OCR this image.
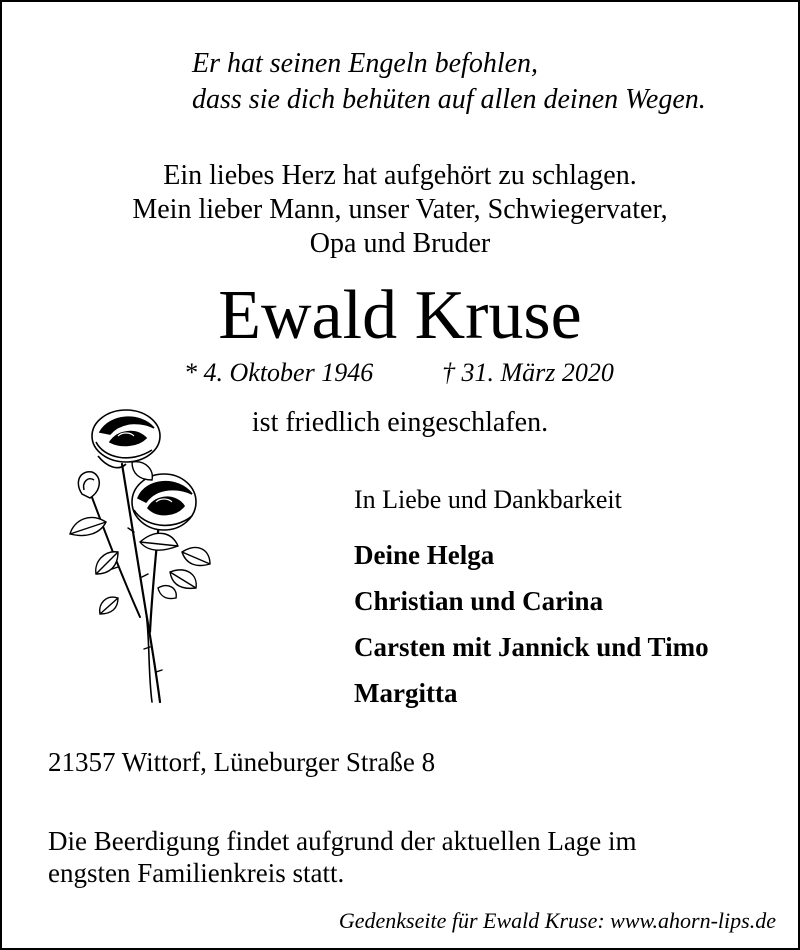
Er hat seinen Engeln befohlen,
dass sie dich behüten auf allen deinen Wegen.
Ein liebes Herz hat aufgehört zu schlagen.
Mein lieber Mann, unser Vater, Schwiegervater,
Opa und Bruder
Ewald Kruse
* 4. Oktober 1946	† 31. März 2020
ist friedlich eingeschlafen.
In Liebe und Dankbarkeit
Deine Helga
Christian und Carina
Carsten mit Jannick und Timo
Margitta
21357 Wittorf, Lüneburger Straße 8
Die Beerdigung findet aufgrund der aktuellen Lage im
engsten Familienkreis statt.
Gedenkseite für Ewald Kruse: www.ahorn-lips.de
